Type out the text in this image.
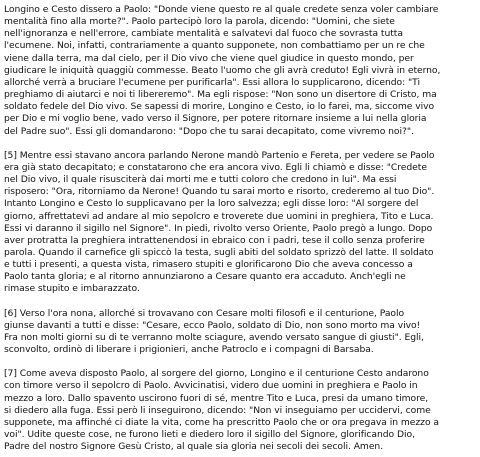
Longino e Cesto dissero a Paolo: "Donde viene questo re al quale credete senza voler cambiare
mentalità fino alla morte?". Paolo partecipò loro la parola, dicendo: "Uomini, che siete
nell'ignoranza e nell'errore, cambiate mentalità e salvatevi dal fuoco che sovrasta tutta
l'ecumene. Noi, infatti, contrariamente a quanto supponete, non combattiamo per un re che
viene dalla terra, ma dal cielo, per il Dio vivo che viene quel giudice in questo mondo, per
giudicare le iniquità quaggiù commesse. Beato l'uomo che gli avrà creduto! Egli vivrà in eterno,
allorché verrà a bruciare l'ecumene per purificarla". Essi allora lo supplicarono, dicendo: "Ti
preghiamo di aiutarci e noi ti libereremo". Ma egli rispose: "Non sono un disertore di Cristo, ma
soldato fedele del Dio vivo. Se sapessi di morire, Longino e Cesto, io lo farei, ma, siccome vivo
per Dio e mi voglio bene, vado verso il Signore, per potere ritornare insieme a lui nella gloria
del Padre suo". Essi gli domandarono: "Dopo che tu sarai decapitato, come vivremo noi?".

[5] Mentre essi stavano ancora parlando Nerone mandò Partenio e Fereta, per vedere se Paolo
era già stato decapitato; e constatarono che era ancora vivo. Egli li chiamò e disse: "Credete
nel Dio vivo, il quale risusciterà dai morti me e tutti coloro che credono in lui". Ma essi
risposero: "Ora, ritorniamo da Nerone! Quando tu sarai morto e risorto, crederemo al tuo Dio".
Intanto Longino e Cesto lo supplicavano per la loro salvezza; egli disse loro: "Al sorgere del
giorno, affrettatevi ad andare al mio sepolcro e troverete due uomini in preghiera, Tito e Luca.
Essi vi daranno il sigillo nel Signore". In piedi, rivolto verso Oriente, Paolo pregò a lungo. Dopo
aver protratta la preghiera intrattenendosi in ebraico con i padri, tese il collo senza proferire
parola. Quando il carnefice gli spiccò la testa, sugli abiti del soldato sprizzò del latte. Il soldato
e tutti i presenti, a questa vista, rimasero stupiti e glorificarono Dio che aveva concesso a
Paolo tanta gloria; e al ritorno annunziarono a Cesare quanto era accaduto. Anch'egli ne
rimase stupito e imbarazzato.

[6] Verso l'ora nona, allorché si trovavano con Cesare molti filosofi e il centurione, Paolo
giunse davanti a tutti e disse: "Cesare, ecco Paolo, soldato di Dio, non sono morto ma vivo!
Fra non molti giorni su di te verranno molte sciagure, avendo versato sangue di giusti". Egli,
sconvolto, ordinò di liberare i prigionieri, anche Patroclo e i compagni di Barsaba.

[7] Come aveva disposto Paolo, al sorgere del giorno, Longino e il centurione Cesto andarono
con timore verso il sepolcro di Paolo. Avvicinatisi, videro due uomini in preghiera e Paolo in
mezzo a loro. Dallo spavento uscirono fuori di sé, mentre Tito e Luca, presi da umano timore,
si diedero alla fuga. Essi però li inseguirono, dicendo: "Non vi inseguiamo per uccidervi, come
supponete, ma affinché ci diate la vita, come ha prescritto Paolo che or ora pregava in mezzo a
voi". Udite queste cose, ne furono lieti e diedero loro il sigillo del Signore, glorificando Dio,
Padre del nostro Signore Gesù Cristo, al quale sia gloria nei secoli dei secoli. Amen.
